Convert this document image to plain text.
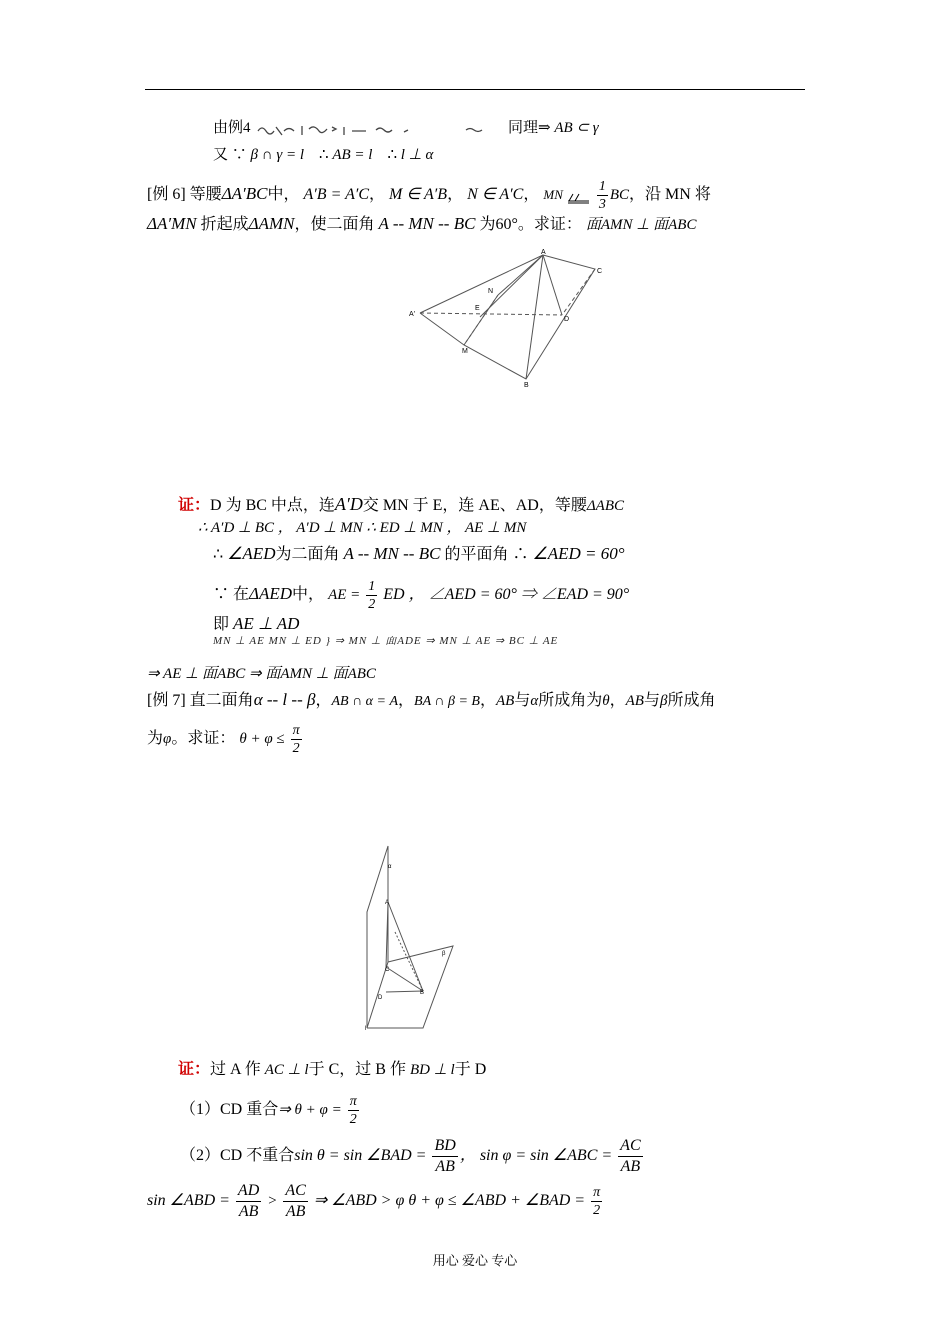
由例4	同理⇒ AB ⊂ γ
又 ∵ β ∩ γ = l ∴ AB = l ∴ l ⊥ α
[例 6] 等腰ΔA′BC中， A′B = A′C， M ∈ A′B， N ∈ A′C， MN $\frac{1}{3}$ BC，沿 MN 将
ΔA′MN 折起成ΔAMN，使二面角 A -- MN -- BC 为60°。求证： 面AMN ⊥ 面ABC
A
C
N
E
A′
D
M
B
证：D 为 BC 中点，连A′D交 MN 于 E，连 AE、AD，等腰ΔABC
∴ A′D ⊥ BC ， A′D ⊥ MN ∴ ED ⊥ MN ， AE ⊥ MN
∴ ∠AED为二面角 A -- MN -- BC 的平面角 ∴ ∠AED = 60°
∵ 在ΔAED中， AE = $\frac{1}{2}$ ED ， ∠AED = 60° ⇒ ∠EAD = 90°
即 AE ⊥ AD
MN ⊥ AE MN ⊥ ED } ⇒ MN ⊥ 面ADE ⇒ MN ⊥ AE ⇒ BC ⊥ AE
⇒ AE ⊥ 面ABC ⇒ 面AMN ⊥ 面ABC
[例 7] 直二面角α -- l -- β，AB ∩ α = A，BA ∩ β = B，AB与α所成角为θ，AB与β所成角
为φ。求证： $\theta + \varphi \le \frac{\pi}{2}$
α
A
C
D
B
β
l
证：过 A 作 AC ⊥ l于 C，过 B 作 BD ⊥ l于 D
（1）CD 重合⇒ $\theta + \varphi = \frac{\pi}{2}$
（2）CD 不重合sin θ = sin ∠BAD = $\frac{BD}{AB}$ ， sin φ = sin ∠ABC = $\frac{AC}{AB}$
sin ∠ABD = $\frac{AD}{AB} > \frac{AC}{AB}$ ⇒ ∠ABD > φ θ + φ ≤ ∠ABD + ∠BAD = $\frac{\pi}{2}$
用心 爱心 专心
